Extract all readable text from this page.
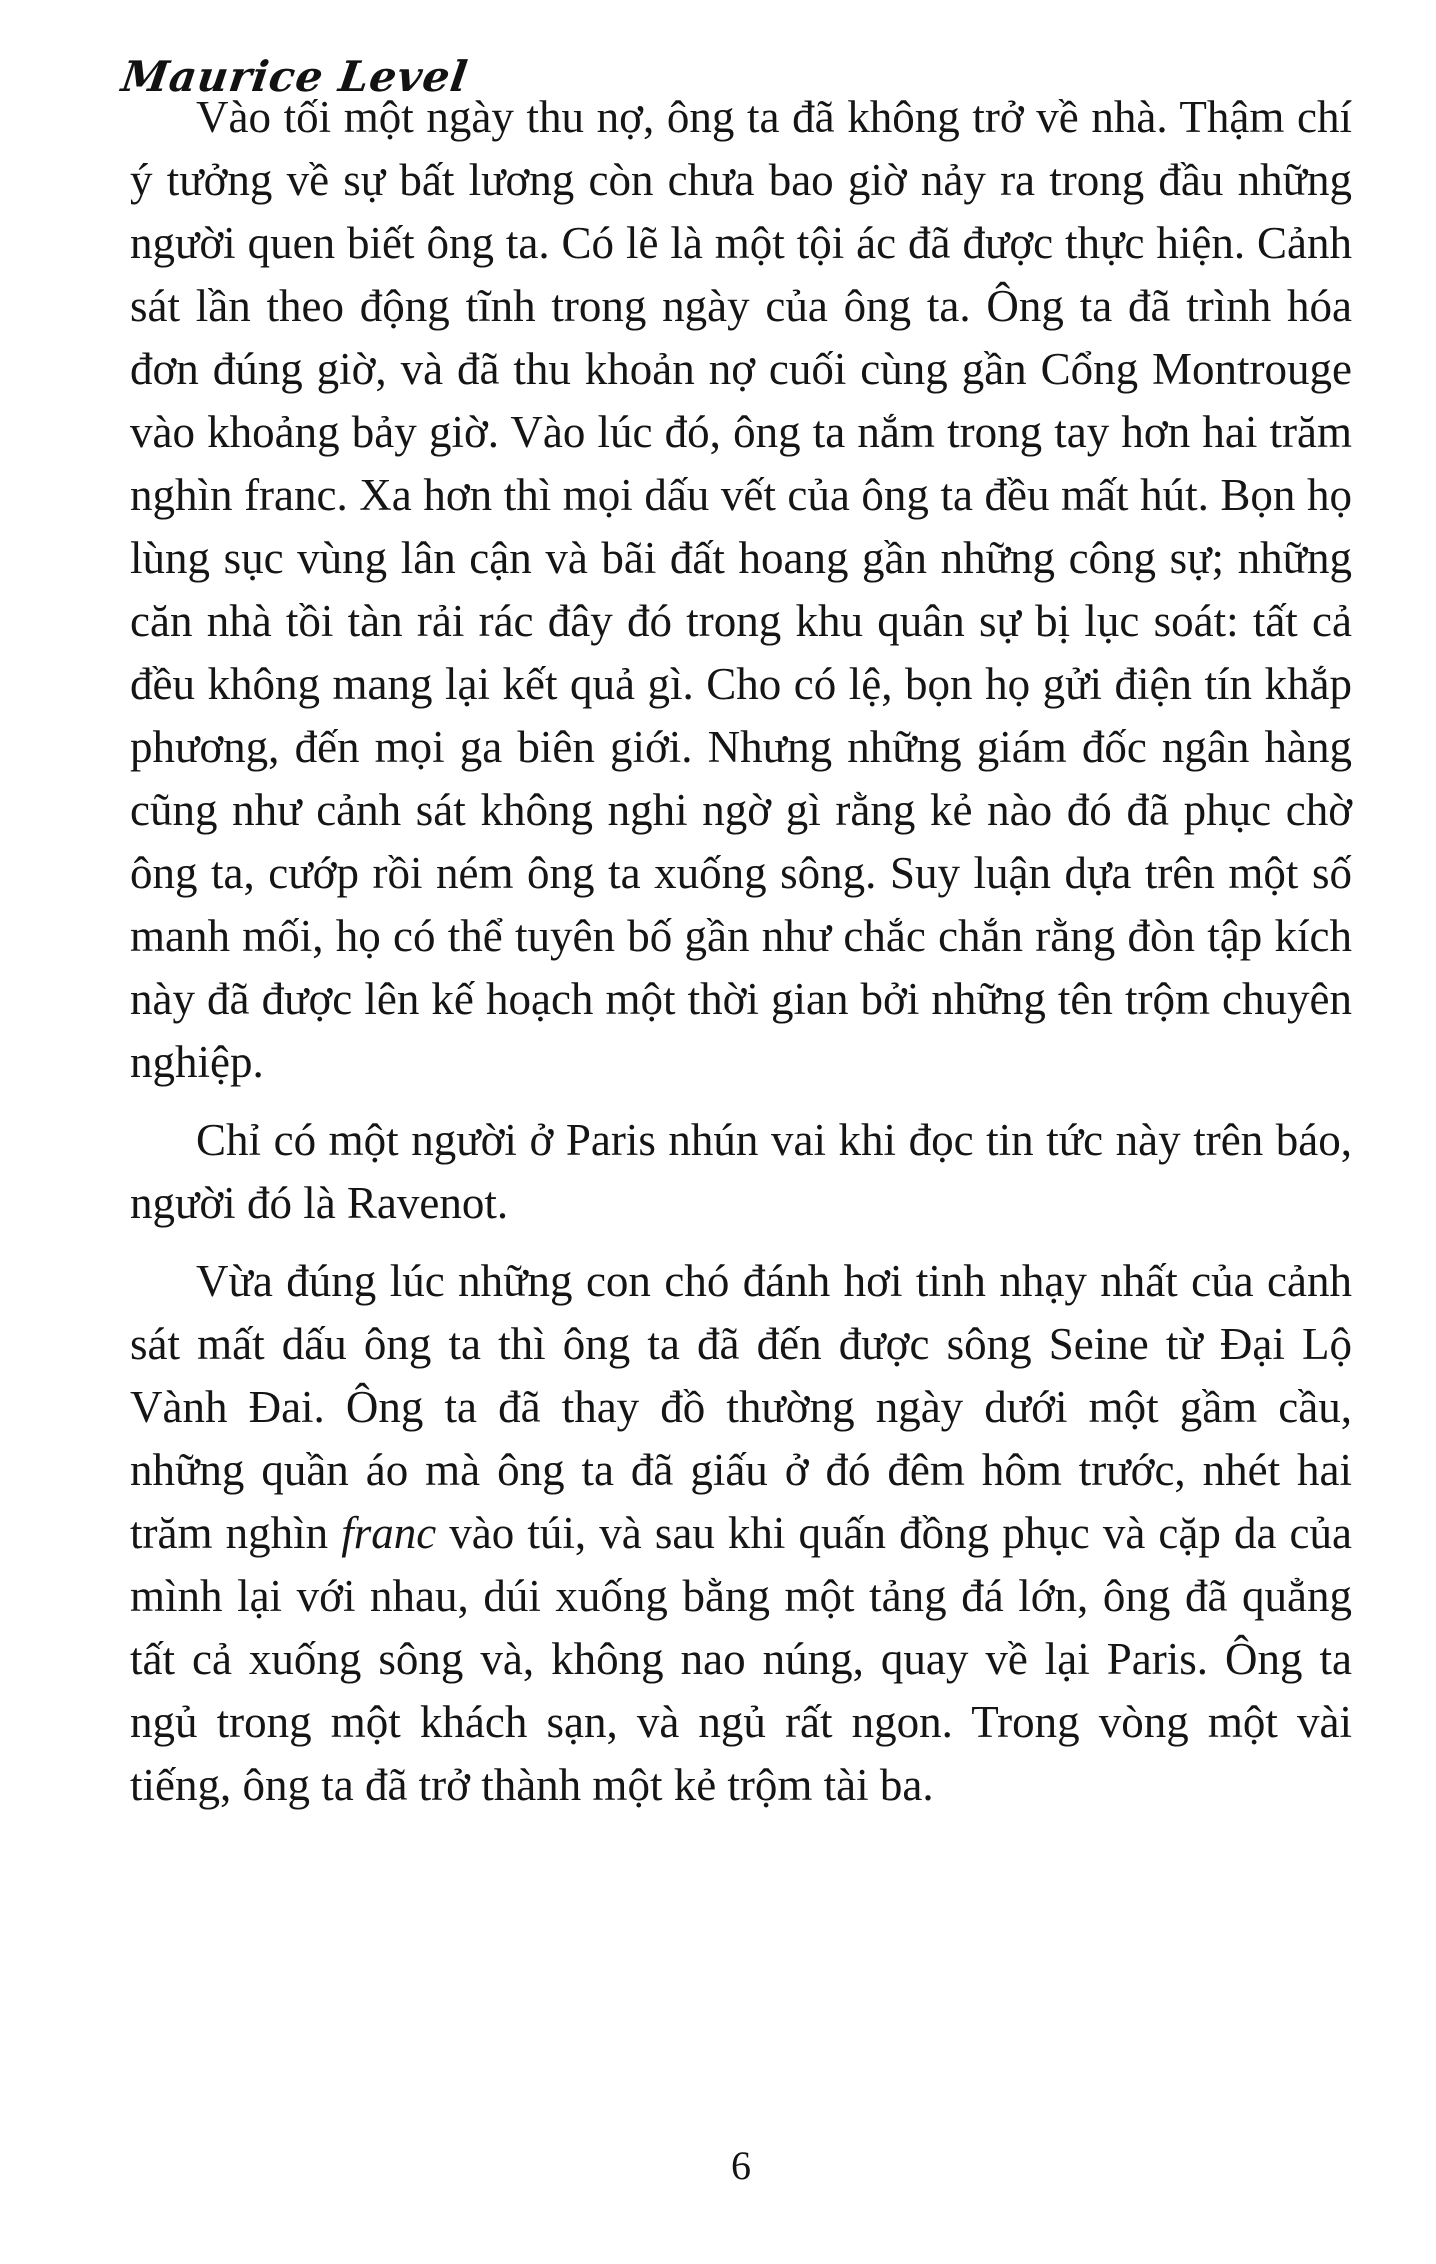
Maurice Level

Vào tối một ngày thu nợ, ông ta đã không trở về nhà. Thậm chí ý tưởng về sự bất lương còn chưa bao giờ nảy ra trong đầu những người quen biết ông ta. Có lẽ là một tội ác đã được thực hiện. Cảnh sát lần theo động tĩnh trong ngày của ông ta. Ông ta đã trình hóa đơn đúng giờ, và đã thu khoản nợ cuối cùng gần Cổng Montrouge vào khoảng bảy giờ. Vào lúc đó, ông ta nắm trong tay hơn hai trăm nghìn franc. Xa hơn thì mọi dấu vết của ông ta đều mất hút. Bọn họ lùng sục vùng lân cận và bãi đất hoang gần những công sự; những căn nhà tồi tàn rải rác đây đó trong khu quân sự bị lục soát: tất cả đều không mang lại kết quả gì. Cho có lệ, bọn họ gửi điện tín khắp phương, đến mọi ga biên giới. Nhưng những giám đốc ngân hàng cũng như cảnh sát không nghi ngờ gì rằng kẻ nào đó đã phục chờ ông ta, cướp rồi ném ông ta xuống sông. Suy luận dựa trên một số manh mối, họ có thể tuyên bố gần như chắc chắn rằng đòn tập kích này đã được lên kế hoạch một thời gian bởi những tên trộm chuyên nghiệp.

Chỉ có một người ở Paris nhún vai khi đọc tin tức này trên báo, người đó là Ravenot.

Vừa đúng lúc những con chó đánh hơi tinh nhạy nhất của cảnh sát mất dấu ông ta thì ông ta đã đến được sông Seine từ Đại Lộ Vành Đai. Ông ta đã thay đồ thường ngày dưới một gầm cầu, những quần áo mà ông ta đã giấu ở đó đêm hôm trước, nhét hai trăm nghìn franc vào túi, và sau khi quấn đồng phục và cặp da của mình lại với nhau, dúi xuống bằng một tảng đá lớn, ông đã quẳng tất cả xuống sông và, không nao núng, quay về lại Paris. Ông ta ngủ trong một khách sạn, và ngủ rất ngon. Trong vòng một vài tiếng, ông ta đã trở thành một kẻ trộm tài ba.

6
